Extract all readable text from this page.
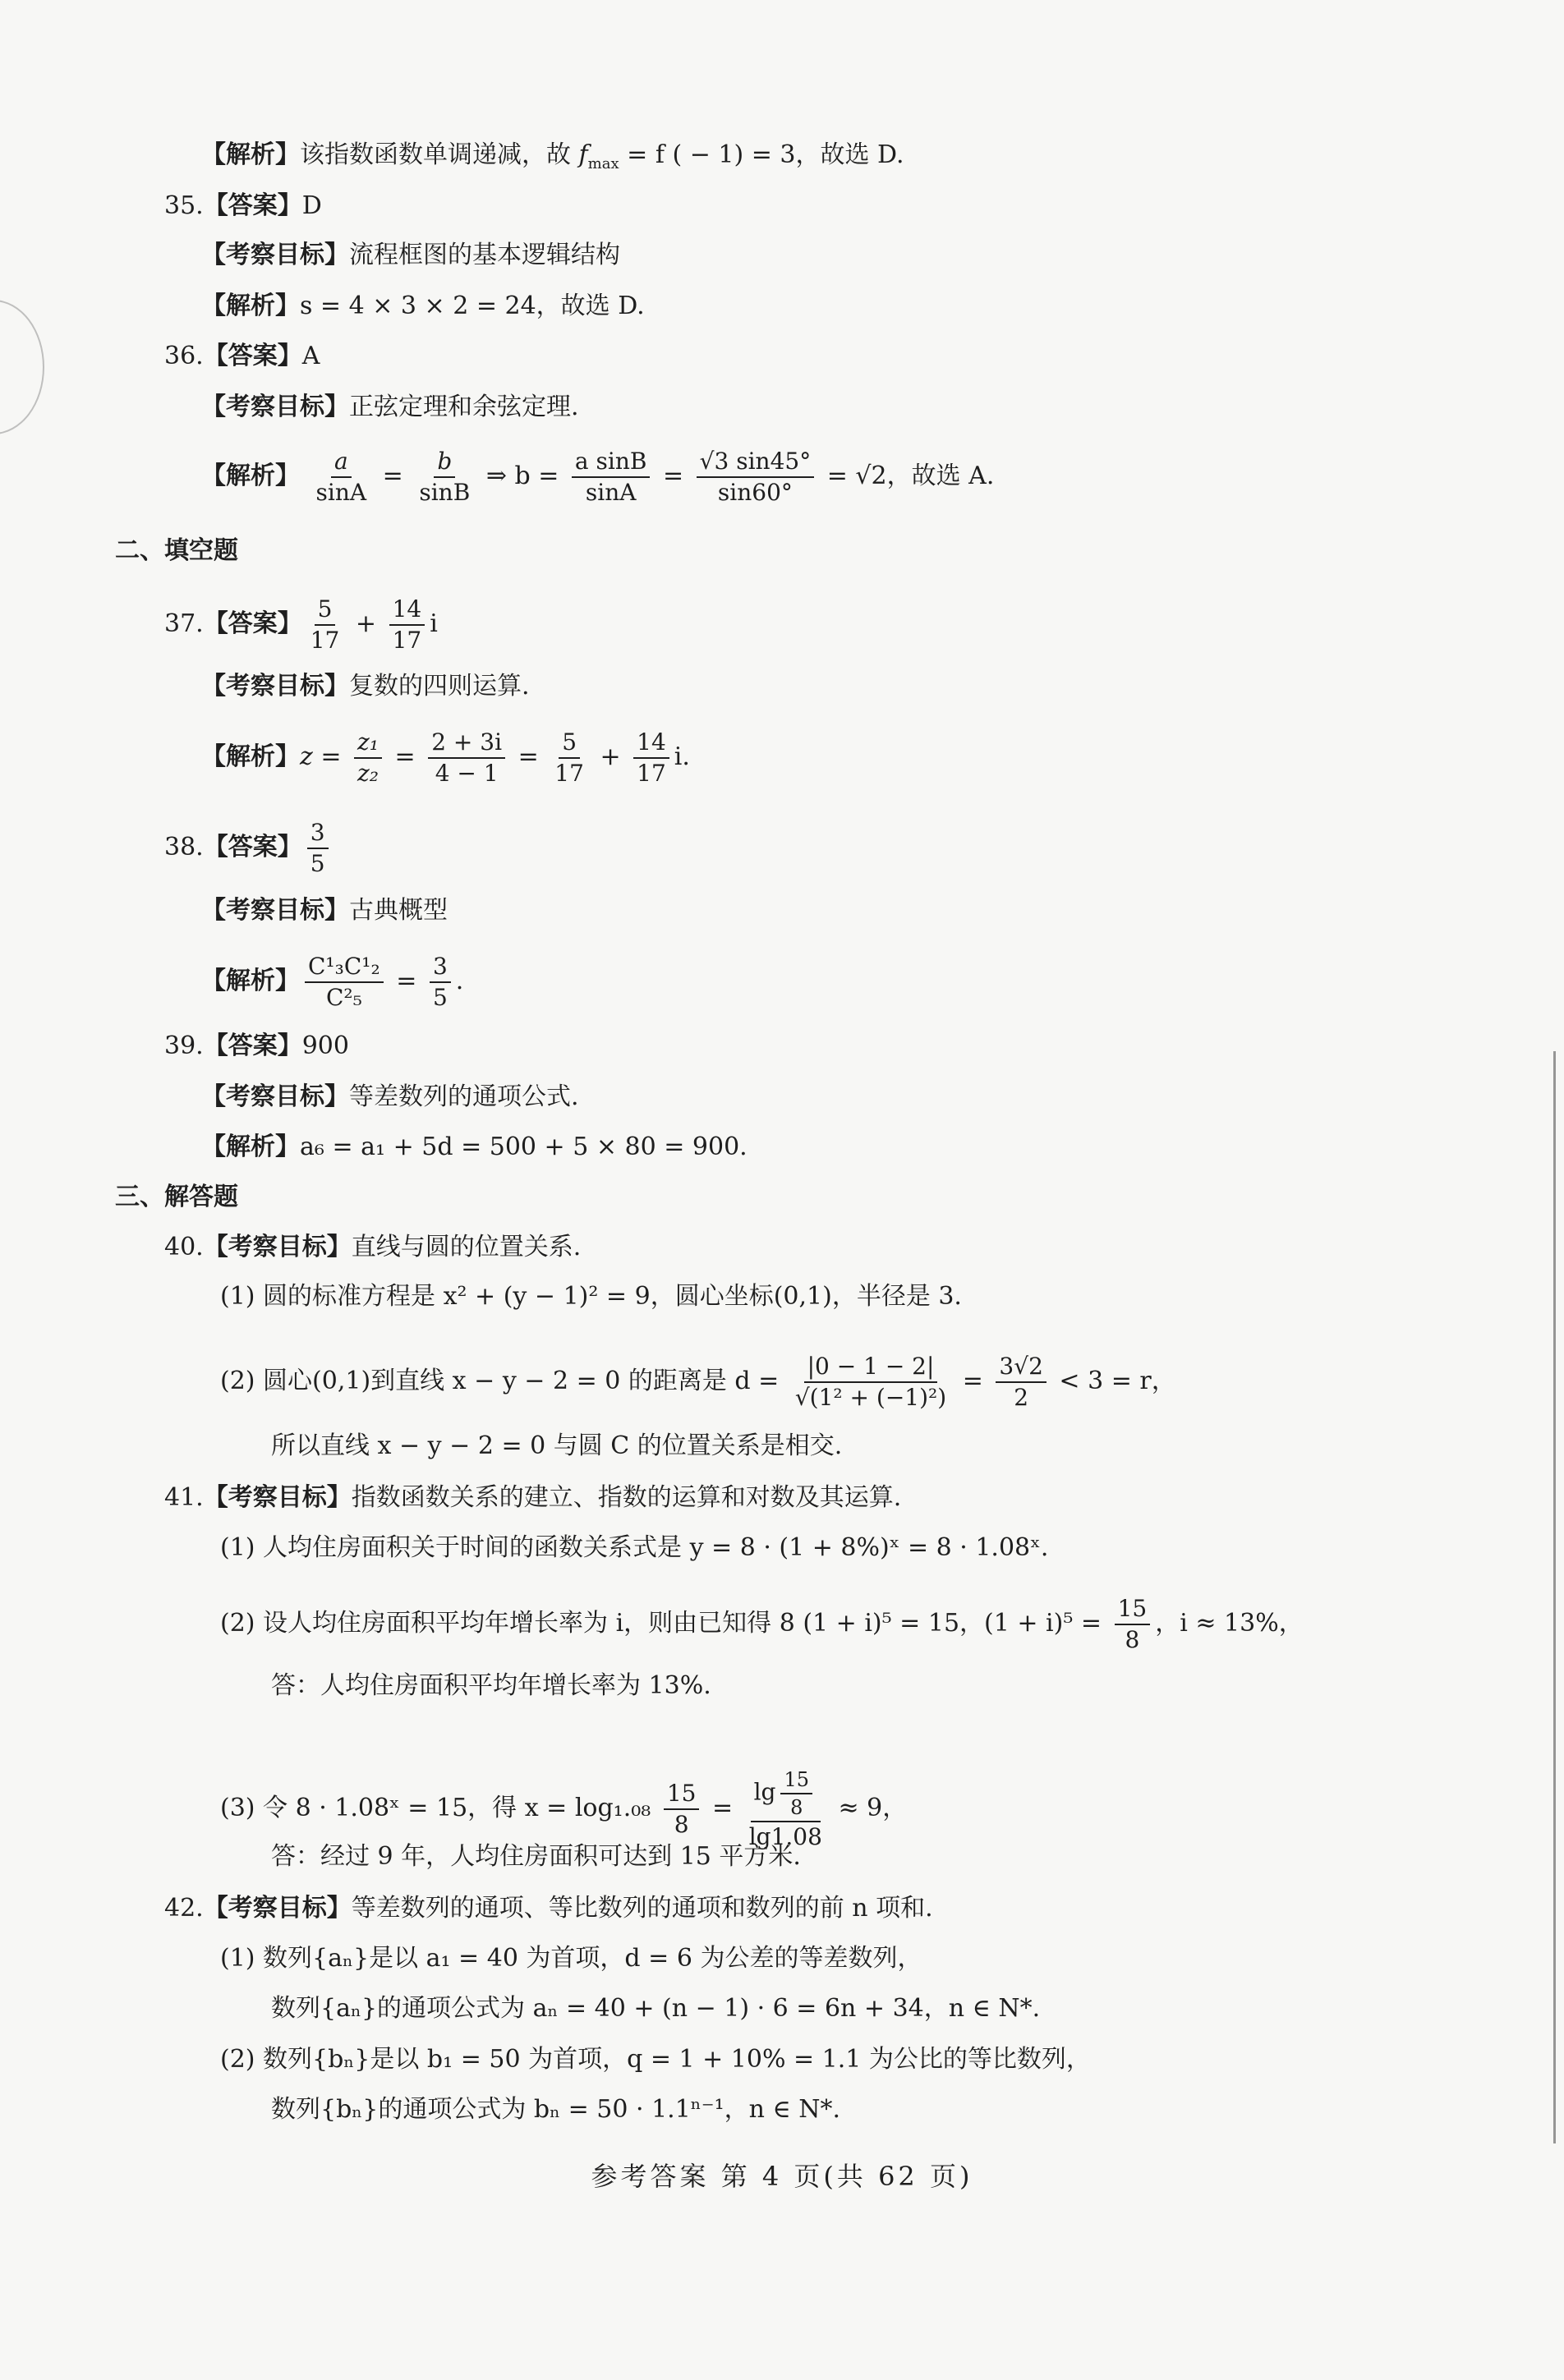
【解析】该指数函数单调递减，故 $f_{max} = f$ ( − 1) = 3，故选 D.
35.【答案】D
【考察目标】流程框图的基本逻辑结构
【解析】s = 4 × 3 × 2 = 24，故选 D.
36.【答案】A
【考察目标】正弦定理和余弦定理.
【解析】 $\frac{a}{\sin A} = \frac{b}{\sin B}$ ⇒ $b = \frac{\text{a sinB}}{\sin A} = \frac{√3 \sin 45^\circ}{\sin 60^\circ} = √2$，故选 A.
二、填空题
37.【答案】 $\frac{5}{17} + \frac{14}{17}$ i
【考察目标】复数的四则运算.
【解析】$z = \frac{\text{z₁}}{\text{z₂}} = \frac{2 + 3i}{4 - 1} = \frac{5}{17} + \frac{14}{17} i$.
38.【答案】 $\frac{3}{5}$
【考察目标】古典概型
【解析】 $\frac{\text{C¹₃C¹₂}}{\text{C²₅}} = \frac{3}{5}$ .
39.【答案】900
【考察目标】等差数列的通项公式.
【解析】a₆ = a₁ + 5d = 500 + 5 × 80 = 900.
三、解答题
40.【考察目标】直线与圆的位置关系.
(1) 圆的标准方程是 x² + (y − 1)² = 9，圆心坐标(0,1)，半径是 3.
(2) 圆心(0,1)到直线 x − y − 2 = 0 的距离是 $d = \frac{|0 - 1 - 2|}{\text{√(1² + (−1)²)}} = \frac{3√2}{2} < 3 = r$，
所以直线 x − y − 2 = 0 与圆 C 的位置关系是相交.
41.【考察目标】指数函数关系的建立、指数的运算和对数及其运算.
(1) 人均住房面积关于时间的函数关系式是 y = 8 · (1 + 8%)ˣ = 8 · 1.08ˣ.
(2) 设人均住房面积平均年增长率为 i，则由已知得 8 (1 + i)⁵ = 15，$(1 + i)^5 = \frac{15}{8}$ ，i ≈ 13%，
答：人均住房面积平均年增长率为 13%.
(3) 令 8 · 1.08ˣ = 15，得 $x = \log_1._{08} \frac{15}{8} = \frac{\lg \frac{15}{8}}{\lg 1.08} \approx 9$，
答：经过 9 年，人均住房面积可达到 15 平方米.
42.【考察目标】等差数列的通项、等比数列的通项和数列的前 n 项和.
(1) 数列{aₙ}是以 a₁ = 40 为首项，d = 6 为公差的等差数列，
数列{aₙ}的通项公式为 aₙ = 40 + (n − 1) · 6 = 6n + 34，n ∈ N*.
(2) 数列{bₙ}是以 b₁ = 50 为首项，q = 1 + 10% = 1.1 为公比的等比数列，
数列{bₙ}的通项公式为 bₙ = 50 · 1.1ⁿ⁻¹，n ∈ N*.
参考答案 第 4 页(共 62 页)
